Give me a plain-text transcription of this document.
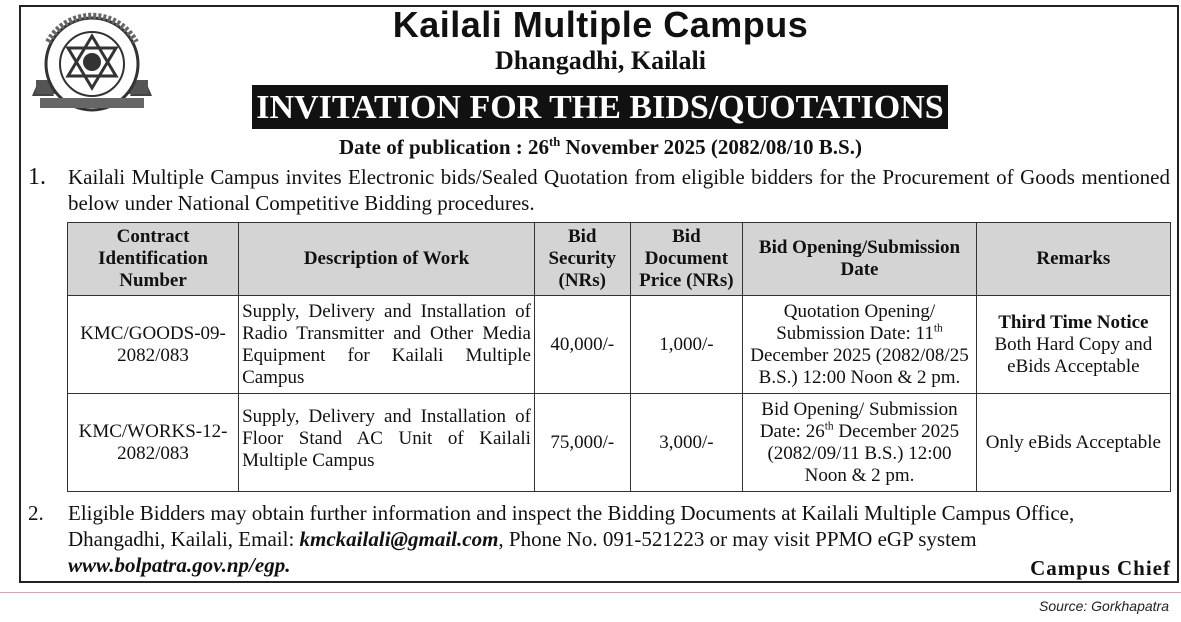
Kailali Multiple Campus
Dhangadhi, Kailali
INVITATION FOR THE BIDS/QUOTATIONS
Date of publication : 26th November 2025 (2082/08/10 B.S.)
1. Kailali Multiple Campus invites Electronic bids/Sealed Quotation from eligible bidders for the Procurement of Goods mentioned below under National Competitive Bidding procedures.
Contract Identification Number	Description of Work	Bid Security (NRs)	Bid Document Price (NRs)	Bid Opening/Submission Date	Remarks
KMC/GOODS-09-2082/083	Supply, Delivery and Installation of Radio Transmitter and Other Media Equipment for Kailali Multiple Campus	40,000/-	1,000/-	Quotation Opening/ Submission Date: 11th December 2025 (2082/08/25 B.S.) 12:00 Noon & 2 pm.	Third Time Notice
Both Hard Copy and eBids Acceptable
KMC/WORKS-12-2082/083	Supply, Delivery and Installation of Floor Stand AC Unit of Kailali Multiple Campus	75,000/-	3,000/-	Bid Opening/ Submission Date: 26th December 2025 (2082/09/11 B.S.) 12:00 Noon & 2 pm.	Only eBids Acceptable
2. Eligible Bidders may obtain further information and inspect the Bidding Documents at Kailali Multiple Campus Office, Dhangadhi, Kailali, Email: kmckailali@gmail.com, Phone No. 091-521223 or may visit PPMO eGP system www.bolpatra.gov.np/egp.	Campus Chief
Source: Gorkhapatra
